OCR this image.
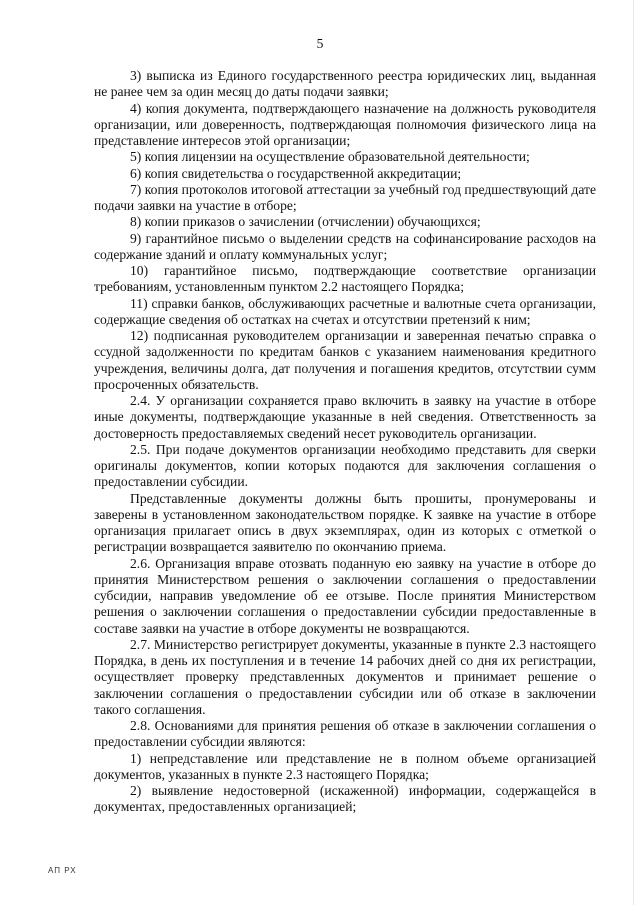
5

3) выписка из Единого государственного реестра юридических лиц, выданная не ранее чем за один месяц до даты подачи заявки;

4) копия документа, подтверждающего назначение на должность руководителя организации, или доверенность, подтверждающая полномочия физического лица на представление интересов этой организации;

5) копия лицензии на осуществление образовательной деятельности;

6) копия свидетельства о государственной аккредитации;

7) копия протоколов итоговой аттестации за учебный год предшествующий дате подачи заявки на участие в отборе;

8) копии приказов о зачислении (отчислении) обучающихся;

9) гарантийное письмо о выделении средств на софинансирование расходов на содержание зданий и оплату коммунальных услуг;

10) гарантийное письмо, подтверждающие соответствие организации требованиям, установленным пунктом 2.2 настоящего Порядка;

11) справки банков, обслуживающих расчетные и валютные счета организации, содержащие сведения об остатках на счетах и отсутствии претензий к ним;

12) подписанная руководителем организации и заверенная печатью справка о ссудной задолженности по кредитам банков с указанием наименования кредитного учреждения, величины долга, дат получения и погашения кредитов, отсутствии сумм просроченных обязательств.

2.4. У организации сохраняется право включить в заявку на участие в отборе иные документы, подтверждающие указанные в ней сведения. Ответственность за достоверность предоставляемых сведений несет руководитель организации.

2.5. При подаче документов организации необходимо представить для сверки оригиналы документов, копии которых подаются для заключения соглашения о предоставлении субсидии.

Представленные документы должны быть прошиты, пронумерованы и заверены в установленном законодательством порядке. К заявке на участие в отборе организация прилагает опись в двух экземплярах, один из которых с отметкой о регистрации возвращается заявителю по окончанию приема.

2.6. Организация вправе отозвать поданную ею заявку на участие в отборе до принятия Министерством решения о заключении соглашения о предоставлении субсидии, направив уведомление об ее отзыве. После принятия Министерством решения о заключении соглашения о предоставлении субсидии предоставленные в составе заявки на участие в отборе документы не возвращаются.

2.7. Министерство регистрирует документы, указанные в пункте 2.3 настоящего Порядка, в день их поступления и в течение 14 рабочих дней со дня их регистрации, осуществляет проверку представленных документов и принимает решение о заключении соглашения о предоставлении субсидии или об отказе в заключении такого соглашения.

2.8. Основаниями для принятия решения об отказе в заключении соглашения о предоставлении субсидии являются:

1) непредставление или представление не в полном объеме организацией документов, указанных в пункте 2.3 настоящего Порядка;

2) выявление недостоверной (искаженной) информации, содержащейся в документах, предоставленных организацией;

АП РХ
